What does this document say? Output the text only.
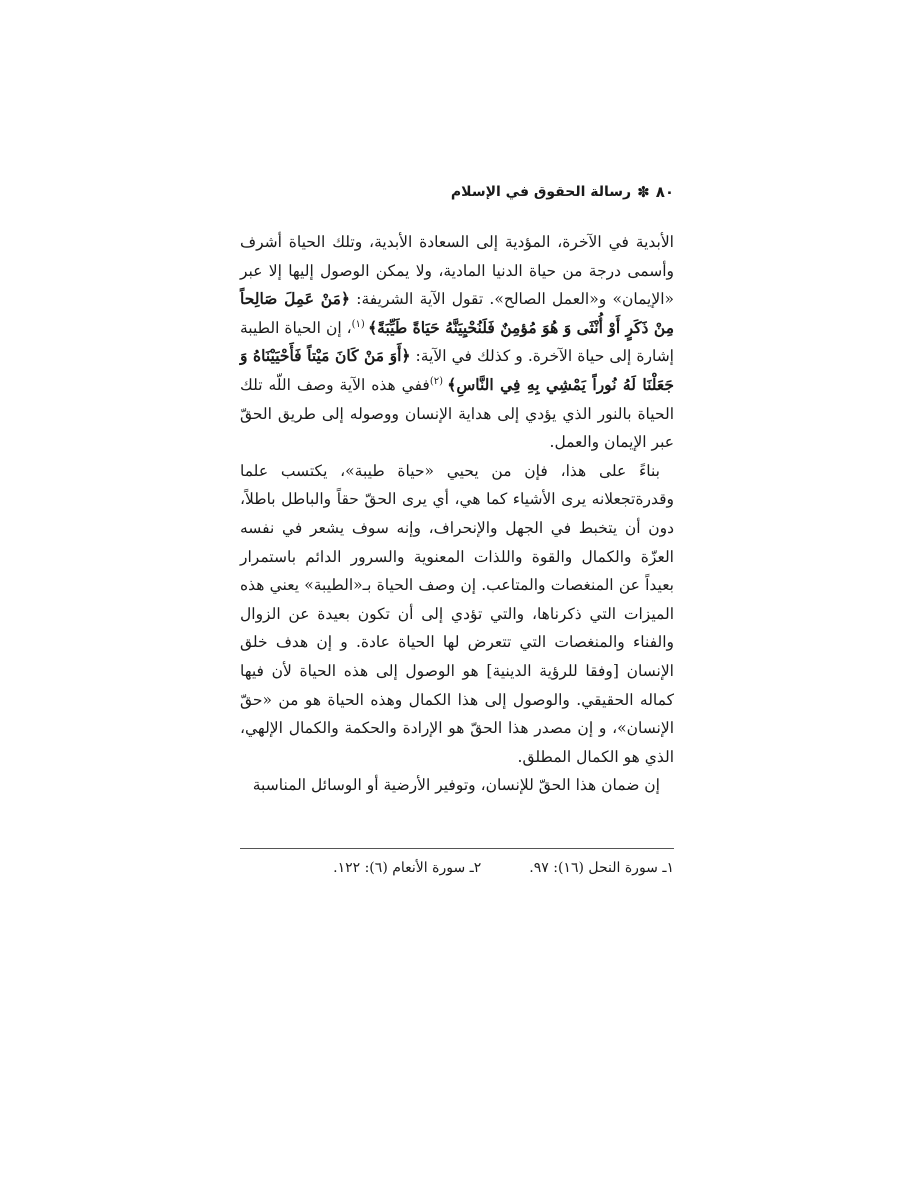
٨٠
✽
رسالة الحقوق في الإسلام

الأبدية في الآخرة، المؤدية إلى السعادة الأبدية، وتلك الحياة أشرف وأسمى درجة من حياة الدنيا المادية، ولا يمكن الوصول إليها إلا عبر «الإيمان» و«العمل الصالح». تقول الآية الشريفة: ﴿مَنْ عَمِلَ صَالِحاً مِنْ ذَكَرٍ أَوْ أُنْثَى وَ هُوَ مُؤمِنٌ فَلَنُحْيِيَنَّهُ حَيَاةً طَيِّبَةً﴾ $^{(١)}$، إن الحياة الطيبة إشارة إلى حياة الآخرة. و كذلك في الآية: ﴿أَوَ مَنْ كَانَ مَيْتاً فَأَحْيَيْنَاهُ وَ جَعَلْنَا لَهُ نُوراً يَمْشِي بِهِ فِي النَّاسِ﴾ $^{(٢)}$ففي هذه الآية وصف اللّه تلك الحياة بالنور الذي يؤدي إلى هداية الإنسان ووصوله إلى طريق الحقّ عبر الإيمان والعمل.

بناءً على هذا، فإن من يحيي «حياة طيبة»، يكتسب علما وقدرةتجعلانه يرى الأشياء كما هي، أي يرى الحقّ حقاً والباطل باطلاً، دون أن يتخبط في الجهل والإنحراف، وإنه سوف يشعر في نفسه العزّة والكمال والقوة واللذات المعنوية والسرور الدائم باستمرار بعيداً عن المنغصات والمتاعب. إن وصف الحياة بـ«الطيبة» يعني هذه الميزات التي ذكرناها، والتي تؤدي إلى أن تكون بعيدة عن الزوال والفناء والمنغصات التي تتعرض لها الحياة عادة. و إن هدف خلق الإنسان [وفقا للرؤية الدينية] هو الوصول إلى هذه الحياة لأن فيها كماله الحقيقي. والوصول إلى هذا الكمال وهذه الحياة هو من «حقّ الإنسان»، و إن مصدر هذا الحقّ هو الإرادة والحكمة والكمال الإلهي، الذي هو الكمال المطلق.

إن ضمان هذا الحقّ للإنسان، وتوفير الأرضية أو الوسائل المناسبة

١ـ سورة النحل (١٦): ٩٧.
٢ـ سورة الأنعام (٦): ١٢٢.
